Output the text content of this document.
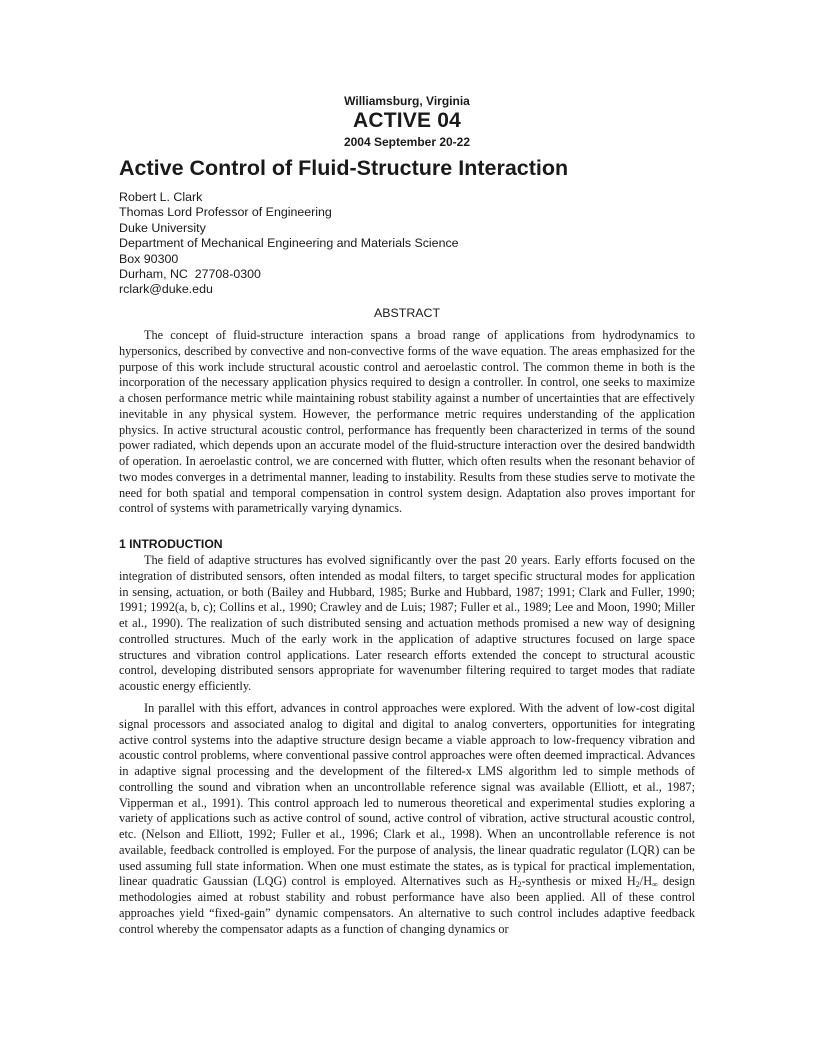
Williamsburg, Virginia
ACTIVE 04
2004 September 20-22
Active Control of Fluid-Structure Interaction
Robert L. Clark
Thomas Lord Professor of Engineering
Duke University
Department of Mechanical Engineering and Materials Science
Box 90300
Durham, NC  27708-0300
rclark@duke.edu
ABSTRACT

The concept of fluid-structure interaction spans a broad range of applications from hydrodynamics to hypersonics, described by convective and non-convective forms of the wave equation. The areas emphasized for the purpose of this work include structural acoustic control and aeroelastic control. The common theme in both is the incorporation of the necessary application physics required to design a controller. In control, one seeks to maximize a chosen performance metric while maintaining robust stability against a number of uncertainties that are effectively inevitable in any physical system. However, the performance metric requires understanding of the application physics. In active structural acoustic control, performance has frequently been characterized in terms of the sound power radiated, which depends upon an accurate model of the fluid-structure interaction over the desired bandwidth of operation. In aeroelastic control, we are concerned with flutter, which often results when the resonant behavior of two modes converges in a detrimental manner, leading to instability. Results from these studies serve to motivate the need for both spatial and temporal compensation in control system design. Adaptation also proves important for control of systems with parametrically varying dynamics.

1 INTRODUCTION

The field of adaptive structures has evolved significantly over the past 20 years. Early efforts focused on the integration of distributed sensors, often intended as modal filters, to target specific structural modes for application in sensing, actuation, or both (Bailey and Hubbard, 1985; Burke and Hubbard, 1987; 1991; Clark and Fuller, 1990; 1991; 1992(a, b, c); Collins et al., 1990; Crawley and de Luis; 1987; Fuller et al., 1989; Lee and Moon, 1990; Miller et al., 1990). The realization of such distributed sensing and actuation methods promised a new way of designing controlled structures. Much of the early work in the application of adaptive structures focused on large space structures and vibration control applications. Later research efforts extended the concept to structural acoustic control, developing distributed sensors appropriate for wavenumber filtering required to target modes that radiate acoustic energy efficiently.

In parallel with this effort, advances in control approaches were explored. With the advent of low-cost digital signal processors and associated analog to digital and digital to analog converters, opportunities for integrating active control systems into the adaptive structure design became a viable approach to low-frequency vibration and acoustic control problems, where conventional passive control approaches were often deemed impractical. Advances in adaptive signal processing and the development of the filtered-x LMS algorithm led to simple methods of controlling the sound and vibration when an uncontrollable reference signal was available (Elliott, et al., 1987; Vipperman et al., 1991). This control approach led to numerous theoretical and experimental studies exploring a variety of applications such as active control of sound, active control of vibration, active structural acoustic control, etc. (Nelson and Elliott, 1992; Fuller et al., 1996; Clark et al., 1998). When an uncontrollable reference is not available, feedback controlled is employed. For the purpose of analysis, the linear quadratic regulator (LQR) can be used assuming full state information. When one must estimate the states, as is typical for practical implementation, linear quadratic Gaussian (LQG) control is employed. Alternatives such as $H_2$-synthesis or mixed $H_2/H_\infty$ design methodologies aimed at robust stability and robust performance have also been applied. All of these control approaches yield “fixed-gain” dynamic compensators. An alternative to such control includes adaptive feedback control whereby the compensator adapts as a function of changing dynamics or
